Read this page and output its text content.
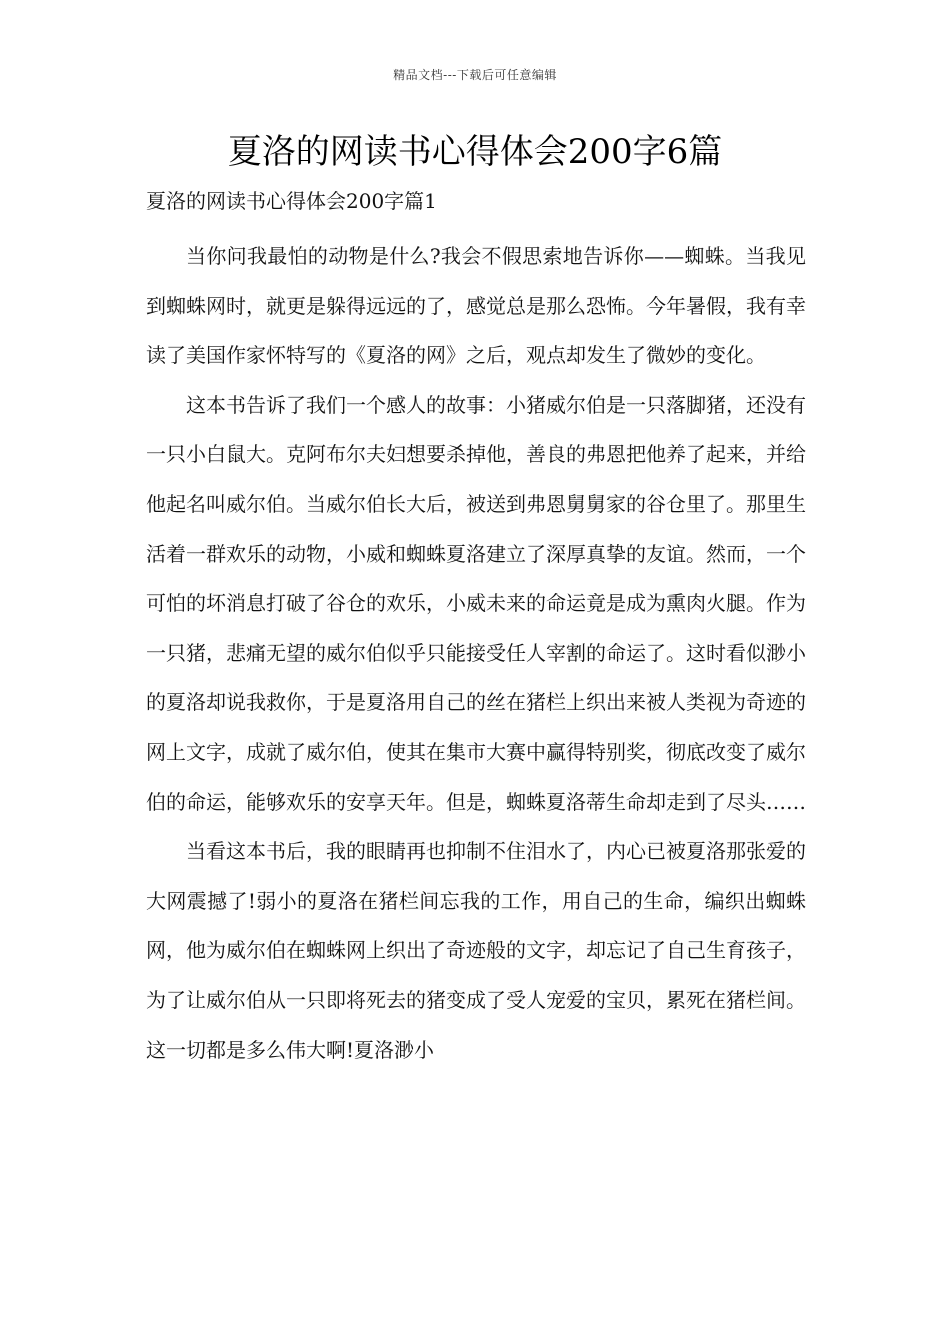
精品文档---下载后可任意编辑
夏洛的网读书心得体会200字6篇
夏洛的网读书心得体会200字篇1

当你问我最怕的动物是什么?我会不假思索地告诉你——蜘蛛。当我见到蜘蛛网时，就更是躲得远远的了，感觉总是那么恐怖。今年暑假，我有幸读了美国作家怀特写的《夏洛的网》之后，观点却发生了微妙的变化。

这本书告诉了我们一个感人的故事：小猪威尔伯是一只落脚猪，还没有一只小白鼠大。克阿布尔夫妇想要杀掉他，善良的弗恩把他养了起来，并给他起名叫威尔伯。当威尔伯长大后，被送到弗恩舅舅家的谷仓里了。那里生活着一群欢乐的动物，小威和蜘蛛夏洛建立了深厚真挚的友谊。然而，一个可怕的坏消息打破了谷仓的欢乐，小威未来的命运竟是成为熏肉火腿。作为一只猪，悲痛无望的威尔伯似乎只能接受任人宰割的命运了。这时看似渺小的夏洛却说我救你，于是夏洛用自己的丝在猪栏上织出来被人类视为奇迹的网上文字，成就了威尔伯，使其在集市大赛中赢得特别奖，彻底改变了威尔伯的命运，能够欢乐的安享天年。但是，蜘蛛夏洛蒂生命却走到了尽头……

当看这本书后，我的眼睛再也抑制不住泪水了，内心已被夏洛那张爱的大网震撼了!弱小的夏洛在猪栏间忘我的工作，用自己的生命，编织出蜘蛛网，他为威尔伯在蜘蛛网上织出了奇迹般的文字，却忘记了自己生育孩子，为了让威尔伯从一只即将死去的猪变成了受人宠爱的宝贝，累死在猪栏间。这一切都是多么伟大啊!夏洛渺小
